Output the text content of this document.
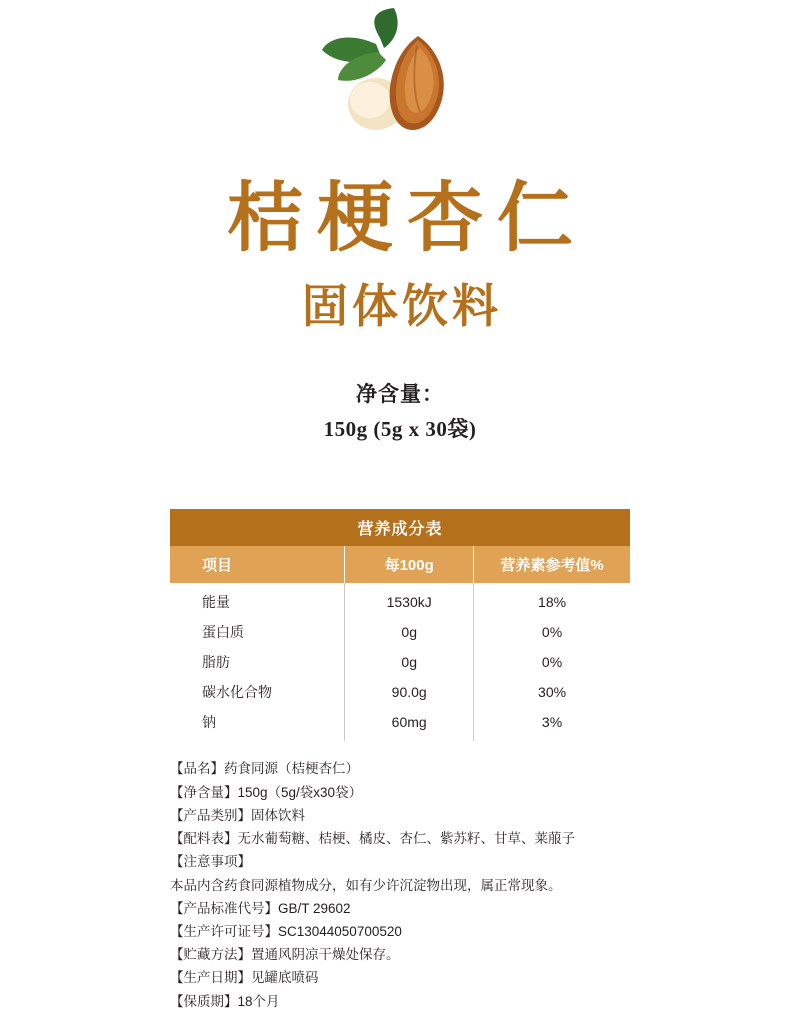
桔梗杏仁
固体饮料
净含量：
150g (5g x 30袋)
营养成分表		
项目	每100g	营养素参考值%
能量	1530kJ	18%
蛋白质	0g	0%
脂肪	0g	0%
碳水化合物	90.0g	30%
钠	60mg	3%
【品名】药食同源（桔梗杏仁）
【净含量】150g（5g/袋x30袋）
【产品类别】固体饮料
【配料表】无水葡萄糖、桔梗、橘皮、杏仁、紫苏籽、甘草、莱菔子
【注意事项】
本品内含药食同源植物成分，如有少许沉淀物出现，属正常现象。
【产品标准代号】GB/T 29602
【生产许可证号】SC13044050700520
【贮藏方法】置通风阴凉干燥处保存。
【生产日期】见罐底喷码
【保质期】18个月
